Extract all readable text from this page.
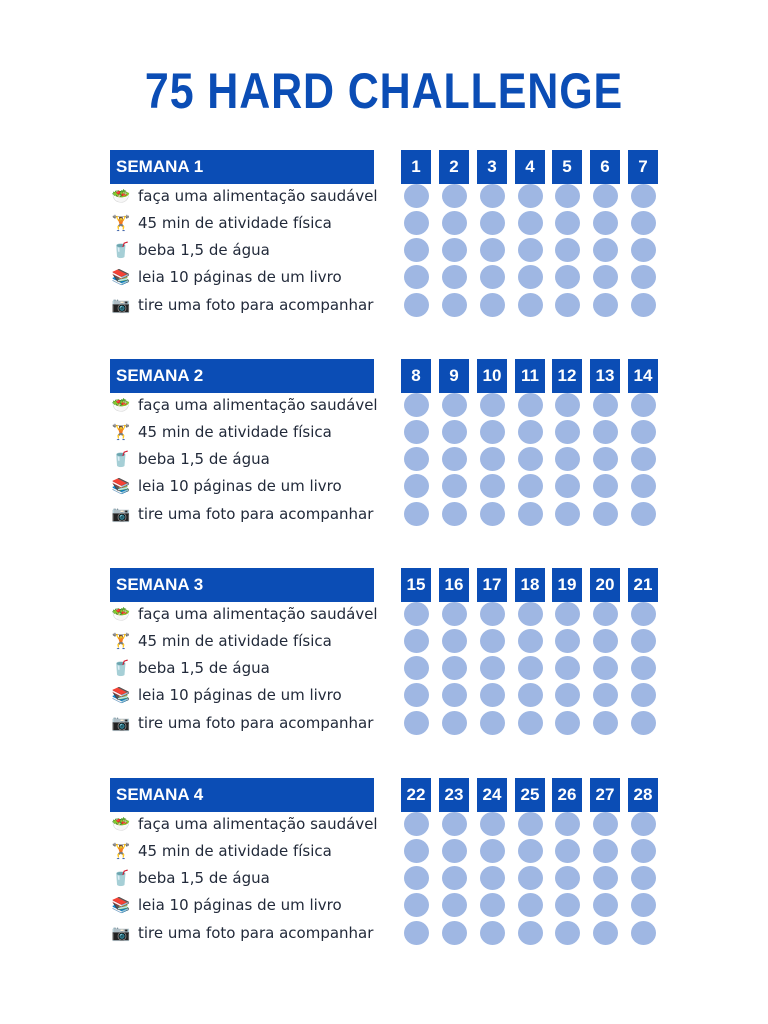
75 HARD CHALLENGE
SEMANA 1	1	2	3	4	5	6	7
🥗 faça uma alimentação saudável
🏋 45 min de atividade física
🥤 beba 1,5 de água
📚 leia 10 páginas de um livro
📷 tire uma foto para acompanhar
SEMANA 2	8	9	10	11	12	13	14
🥗 faça uma alimentação saudável
🏋 45 min de atividade física
🥤 beba 1,5 de água
📚 leia 10 páginas de um livro
📷 tire uma foto para acompanhar
SEMANA 3	15	16	17	18	19	20	21
🥗 faça uma alimentação saudável
🏋 45 min de atividade física
🥤 beba 1,5 de água
📚 leia 10 páginas de um livro
📷 tire uma foto para acompanhar
SEMANA 4	22	23	24	25	26	27	28
🥗 faça uma alimentação saudável
🏋 45 min de atividade física
🥤 beba 1,5 de água
📚 leia 10 páginas de um livro
📷 tire uma foto para acompanhar
